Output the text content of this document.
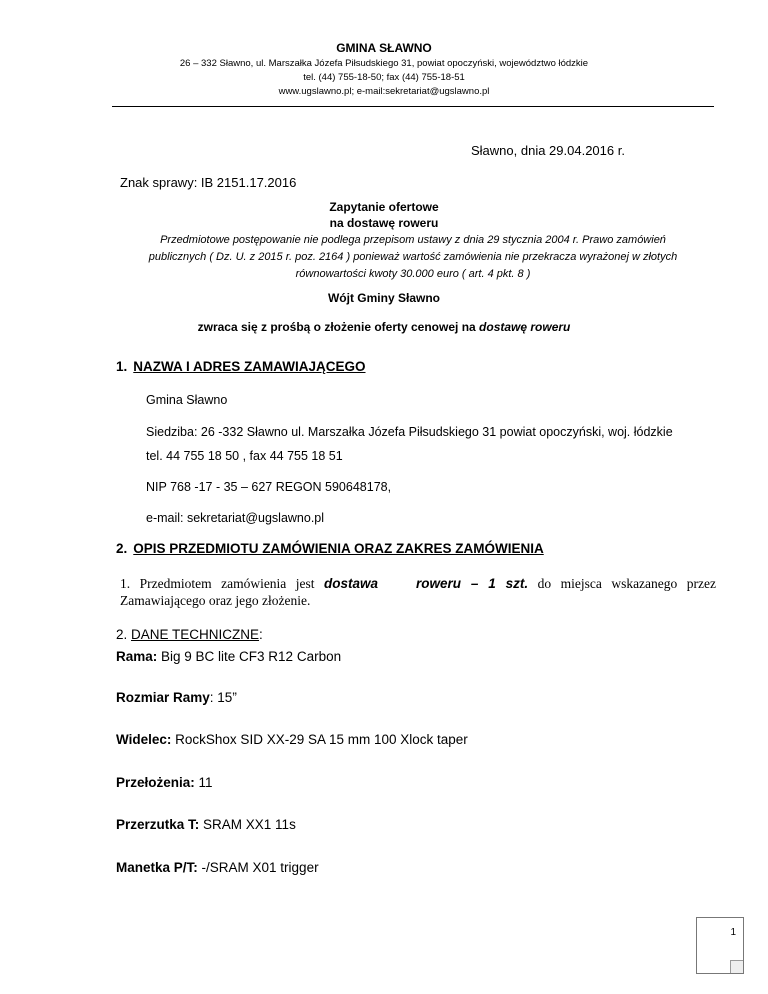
GMINA SŁAWNO
26 – 332 Sławno, ul. Marszałka Józefa Piłsudskiego 31, powiat opoczyński, województwo łódzkie
tel. (44) 755-18-50; fax (44) 755-18-51
www.ugslawno.pl; e-mail:sekretariat@ugslawno.pl
Sławno, dnia 29.04.2016 r.
Znak sprawy: IB 2151.17.2016
Zapytanie ofertowe
na dostawę roweru
Przedmiotowe postępowanie nie podlega przepisom ustawy z dnia 29 stycznia 2004 r. Prawo zamówień
publicznych ( Dz. U. z 2015 r. poz. 2164 ) ponieważ wartość zamówienia nie przekracza wyrażonej w złotych
równowartości kwoty 30.000 euro ( art. 4 pkt. 8 )
Wójt Gminy Sławno
zwraca się z prośbą o złożenie oferty cenowej na dostawę roweru
1. NAZWA I ADRES ZAMAWIAJĄCEGO
Gmina Sławno
Siedziba: 26 -332 Sławno ul. Marszałka Józefa Piłsudskiego 31 powiat opoczyński, woj. łódzkie
tel. 44 755 18 50 , fax 44 755 18 51
NIP 768 -17 - 35 – 627 REGON 590648178,
e-mail: sekretariat@ugslawno.pl
2. OPIS PRZEDMIOTU ZAMÓWIENIA ORAZ ZAKRES ZAMÓWIENIA
1. Przedmiotem zamówienia jest dostawa	roweru – 1 szt. do miejsca wskazanego przez
Zamawiającego oraz jego złożenie.
2. DANE TECHNICZNE:
Rama: Big 9 BC lite CF3 R12 Carbon
Rozmiar Ramy: 15”
Widelec: RockShox SID XX-29 SA 15 mm 100 Xlock taper
Przełożenia: 11
Przerzutka T: SRAM XX1 11s
Manetka P/T: -/SRAM X01 trigger
1
